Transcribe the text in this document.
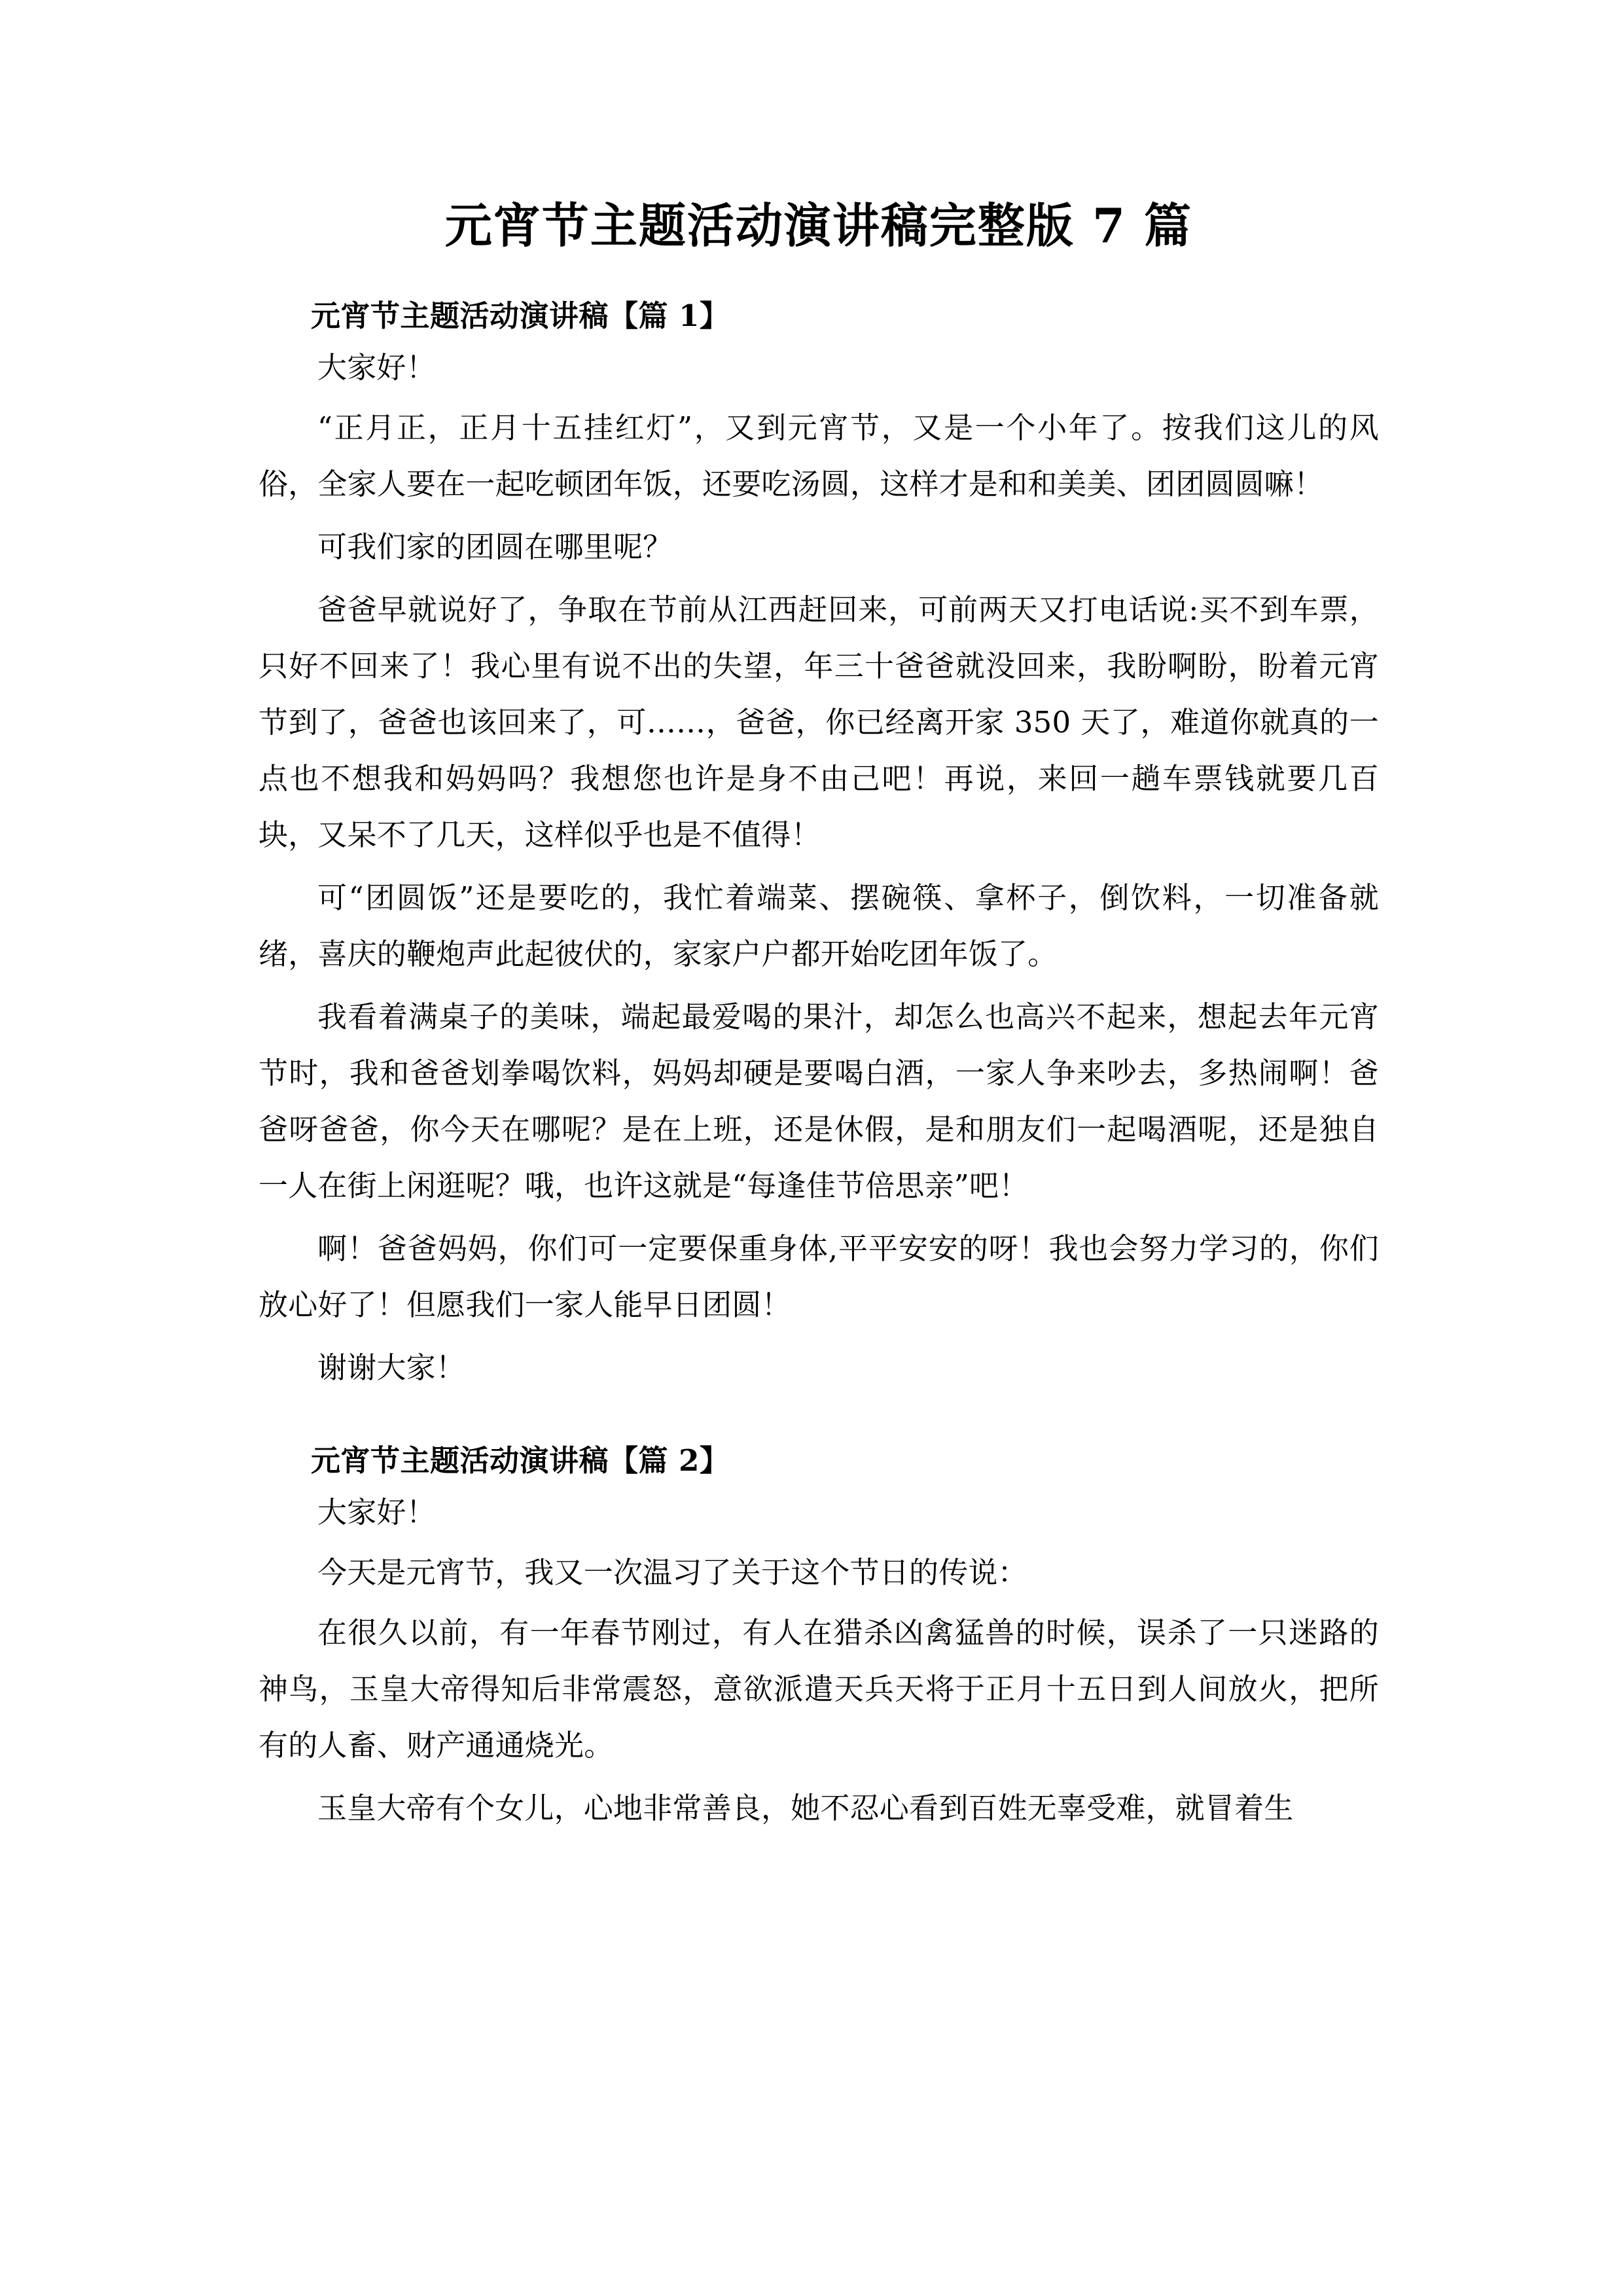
元宵节主题活动演讲稿完整版 7 篇
元宵节主题活动演讲稿【篇 1】

大家好！

“正月正，正月十五挂红灯”，又到元宵节，又是一个小年了。按我们这儿的风俗，全家人要在一起吃顿团年饭，还要吃汤圆，这样才是和和美美、团团圆圆嘛！

可我们家的团圆在哪里呢？

爸爸早就说好了，争取在节前从江西赶回来，可前两天又打电话说:买不到车票，只好不回来了！我心里有说不出的失望，年三十爸爸就没回来，我盼啊盼，盼着元宵节到了，爸爸也该回来了，可……，爸爸，你已经离开家 350 天了，难道你就真的一点也不想我和妈妈吗？我想您也许是身不由己吧！再说，来回一趟车票钱就要几百块，又呆不了几天，这样似乎也是不值得！

可“团圆饭”还是要吃的，我忙着端菜、摆碗筷、拿杯子，倒饮料，一切准备就绪，喜庆的鞭炮声此起彼伏的，家家户户都开始吃团年饭了。

我看着满桌子的美味，端起最爱喝的果汁，却怎么也高兴不起来，想起去年元宵节时，我和爸爸划拳喝饮料，妈妈却硬是要喝白酒，一家人争来吵去，多热闹啊！爸爸呀爸爸，你今天在哪呢？是在上班，还是休假，是和朋友们一起喝酒呢，还是独自一人在街上闲逛呢？哦，也许这就是“每逢佳节倍思亲”吧！

啊！爸爸妈妈，你们可一定要保重身体,平平安安的呀！我也会努力学习的，你们放心好了！但愿我们一家人能早日团圆！

谢谢大家！

元宵节主题活动演讲稿【篇 2】

大家好！

今天是元宵节，我又一次温习了关于这个节日的传说：

在很久以前，有一年春节刚过，有人在猎杀凶禽猛兽的时候，误杀了一只迷路的神鸟，玉皇大帝得知后非常震怒，意欲派遣天兵天将于正月十五日到人间放火，把所有的人畜、财产通通烧光。

玉皇大帝有个女儿，心地非常善良，她不忍心看到百姓无辜受难，就冒着生
